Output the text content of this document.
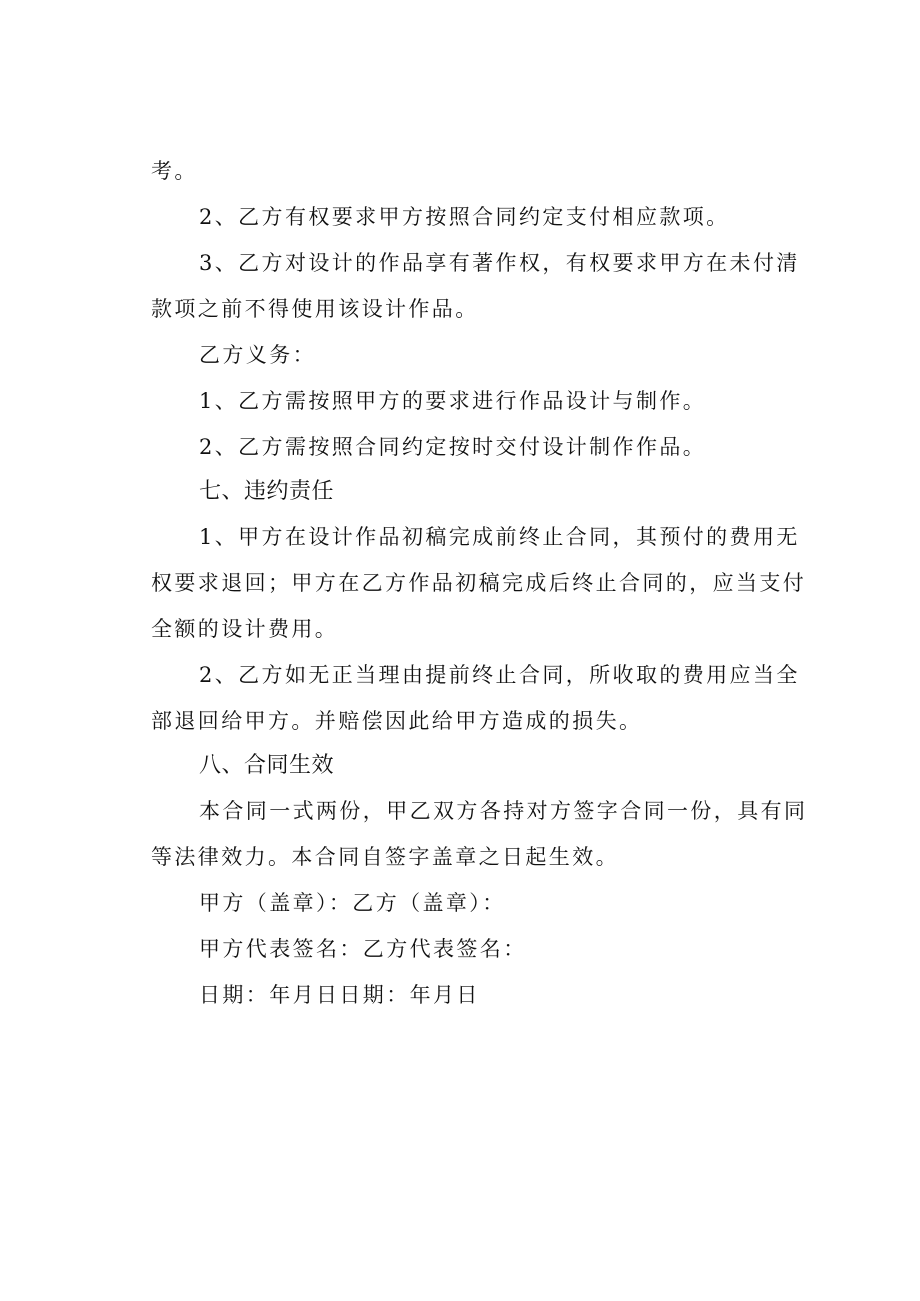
考。
2、乙方有权要求甲方按照合同约定支付相应款项。
3、乙方对设计的作品享有著作权，有权要求甲方在未付清
款项之前不得使用该设计作品。
乙方义务：
1、乙方需按照甲方的要求进行作品设计与制作。
2、乙方需按照合同约定按时交付设计制作作品。
七、违约责任
1、甲方在设计作品初稿完成前终止合同，其预付的费用无
权要求退回；甲方在乙方作品初稿完成后终止合同的，应当支付
全额的设计费用。
2、乙方如无正当理由提前终止合同，所收取的费用应当全
部退回给甲方。并赔偿因此给甲方造成的损失。
八、合同生效
本合同一式两份，甲乙双方各持对方签字合同一份，具有同
等法律效力。本合同自签字盖章之日起生效。
甲方（盖章）：乙方（盖章）：
甲方代表签名：乙方代表签名：
日期：年月日日期：年月日
